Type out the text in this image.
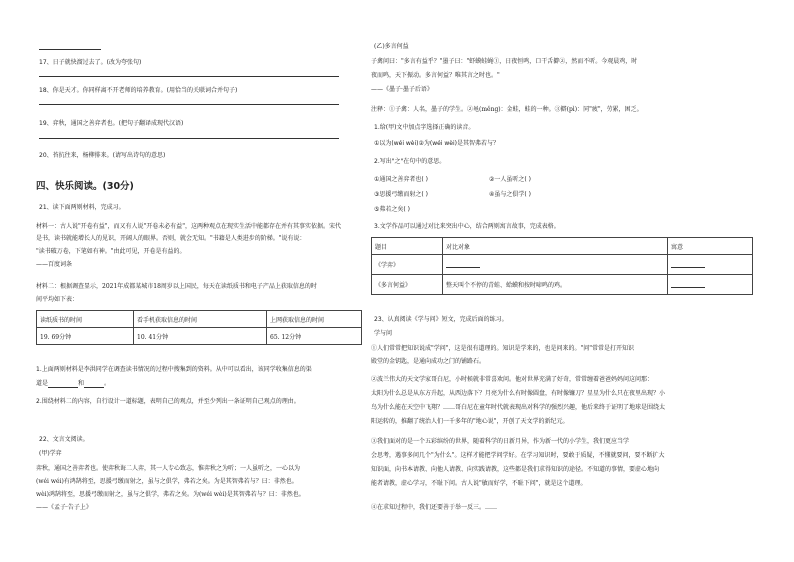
17、日子就快溜过去了。(改为夸张句)
18、你是天才。你同样离不开老师的培养教育。(用恰当的关联词合并句子)
19、弈秋，通国之善弈者也。(把句子翻译成现代汉语)
20、苔抗往来，杨柳排来。(请写出诗句的意思)
四、快乐阅读。(30分)
21、读下面两则材料，完成习。
材料一：古人说"开卷有益"，而又有人说"开卷未必有益"，这两种观点在现实生活中能都存在并有其事实依据。宋代
是书，读书就能增长人的见识，开阔人的眼界。否则，就会无知。"书籍是人类进步的阶梯。"说有说：
"读书破万卷，下笔如有神。"由此可见，开卷是有益的。
——百度词条
材料二：根据调查显示，2021年成都某城市18周岁以上国民，每天在读纸质书和电子产品上获取信息的时
间平均如下表：
读纸质书的时间	看手机获取信息的时间	上网获取信息的时间
19. 69分钟	10. 41分钟	65. 12分钟
1.上面两则材料是李洪同学在调查读书情况的过程中搜集到的资料。从中可以看出，该同学收集信息的渠
道是	和	。
2.围绕材料二的内容，自行设计一道标题，表明自己的观点，并至少列出一条证明自己观点的理由。
22、文言文阅读。
(甲)学弈
弈秋，通国之善弈者也。使弈秋诲二人弈，其一人专心致志，惟弈秋之为听；一人虽听之，一心以为
(wéi wéi)有鸿鹄将至，思援弓缴而射之，虽与之俱学，弗若之矣。为是其智弗若与？曰：非然也。
wèi)鸿鹄将至，思援弓缴而射之，虽与之俱学，弗若之矣。为(wéi wèi)是其智弗若与？曰：非然也。
——《孟子·告子上》
(乙)多言何益
子禽问曰："多言有益乎？"墨子曰："虾蟆蛙蝇①，日夜恒鸣，口干舌擗②，然而不听。今观晨鸡，时
夜而鸣，天下振动。多言何益？唯其言之时也。"
——《墨子·墨子后语》
注释：①子禽：人名，墨子的学生。②黾(měng)：金蛙，蛙的一种。③擗(pì)：同"疲"，劳累，困乏。
1.给(甲)文中加点字选择正确的读音。
①以为(wéi wèi)②为(wéi wèi)是其智弗若与？
2.写出"之"在句中的意思。
①通国之善弈者也( )	②一人虽听之( )
③思援弓缴而射之( )	④虽与之俱学( )
⑤弗若之矣( )
3.文学作品可以通过对比来突出中心，结合两则寓言故事，完成表格。
题目	对比对象	寓意
《学弈》		
《多言何益》	整天叫个不停的青蛙、蛤蟆和按时啼鸣的鸡。	
23、认真阅读《学与问》短文，完成后面的练习。
学与问
①人们常常把知识说成"学问"，这是很有道理的。知识是学来的，也是问来的。"问"常常是打开知识
殿堂的金钥匙，是通向成功之门的铺路石。
②波兰伟大的天文学家哥白尼，小时候就非常喜欢问。他对世界充满了好奇，常常缠着爸爸妈妈问这问那：
太阳为什么总是从东方升起，从西边落下？月亮为什么有时像圆盘，有时像镰刀？星星为什么只在夜里出现？小
鸟为什么能在天空中飞翔？……哥白尼在童年时代就表现出对科学的强烈兴趣，他后来终于证明了地球是围绕太
阳运转的，推翻了统治人们一千多年的"地心说"，开创了天文学的新纪元。
③我们面对的是一个五彩缤纷的世界，随着科学的日新月异，作为新一代的小学生，我们更应当学
会思考，遇事多问几个"为什么"。这样才能把学问学好。在学习知识时，要敢于质疑，不懂就要问，要不断扩大
知识面，向书本请教、向他人请教、向实践请教，这些都是我们求得知识的途径。不知道的事情，要虚心地向
能者请教，虚心学习，不耻下问。古人说"敏而好学，不耻下问"，就是这个道理。
④在求知过程中，我们还要善于举一反三。……
